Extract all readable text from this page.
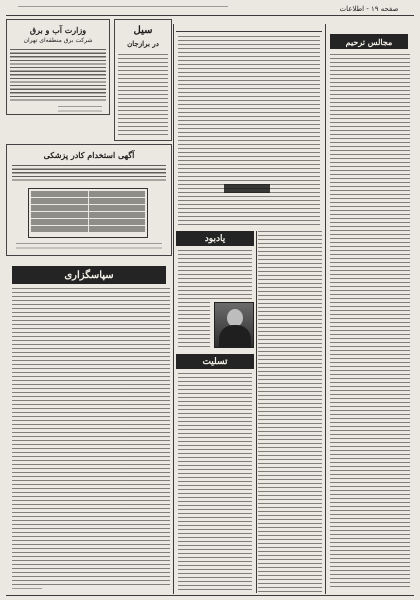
صفحه ۱۹ - اطلاعات
وزارت آب و برق
شرکت برق منطقه‌ای تهران
سیل
در برازجان
آگهی استخدام کادر پزشکی
یادبود
تسلیت
سپاسگزاری
مجالس ترحیم
